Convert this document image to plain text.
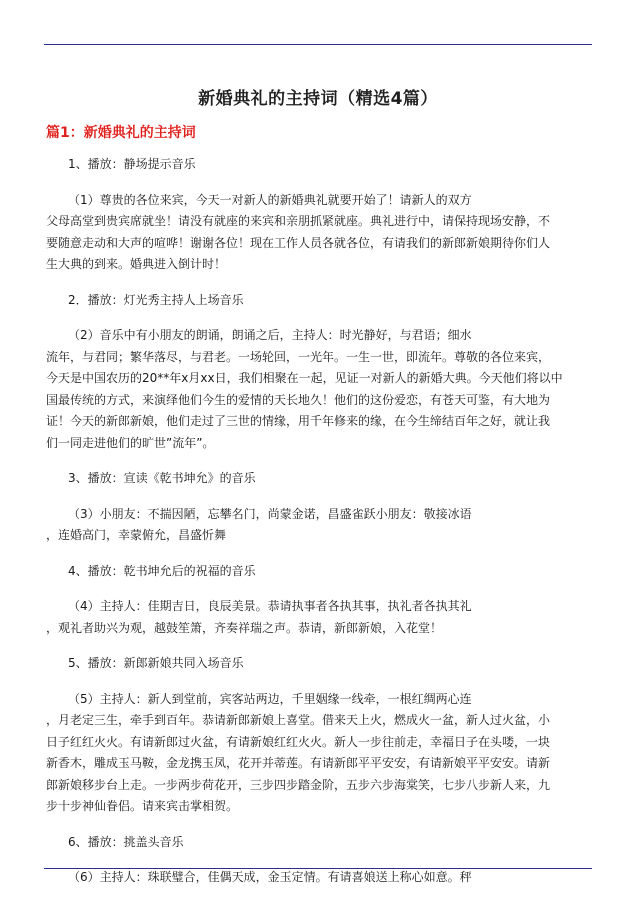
新婚典礼的主持词（精选4篇）
篇1：新婚典礼的主持词
1、播放：静场提示音乐
（1）尊贵的各位来宾，今天一对新人的新婚典礼就要开始了！请新人的双方
父母高堂到贵宾席就坐！请没有就座的来宾和亲朋抓紧就座。典礼进行中，请保持现场安静，不
要随意走动和大声的喧哗！谢谢各位！现在工作人员各就各位，有请我们的新郎新娘期待你们人
生大典的到来。婚典进入倒计时！
2．播放：灯光秀主持人上场音乐
（2）音乐中有小朋友的朗诵，朗诵之后，主持人：时光静好，与君语；细水
流年，与君同；繁华落尽，与君老。一场轮回，一光年。一生一世，即流年。尊敬的各位来宾，
今天是中国农历的20**年x月xx日，我们相聚在一起，见证一对新人的新婚大典。今天他们将以中
国最传统的方式，来演绎他们今生的爱情的天长地久！他们的这份爱恋，有苍天可鉴，有大地为
证！今天的新郎新娘，他们走过了三世的情缘，用千年修来的缘，在今生缔结百年之好，就让我
们一同走进他们的旷世”流年”。
3、播放：宣读《乾书坤允》的音乐
（3）小朋友：不揣因陋，忘攀名门，尚蒙金诺，昌盛雀跃小朋友：敬接冰语
，连婚高门，幸蒙俯允，昌盛忻舞
4、播放：乾书坤允后的祝福的音乐
（4）主持人：佳期吉日，良辰美景。恭请执事者各执其事，执礼者各执其礼
，观礼者助兴为观，越鼓笙箫，齐奏祥瑞之声。恭请，新郎新娘，入花堂！
5、播放：新郎新娘共同入场音乐
（5）主持人：新人到堂前，宾客站两边，千里姻缘一线牵，一根红绸两心连
，月老定三生，牵手到百年。恭请新郎新娘上喜堂。借来天上火，燃成火一盆，新人过火盆，小
日子红红火火。有请新郎过火盆，有请新娘红红火火。新人一步往前走，幸福日子在头喽，一块
新香木，雕成玉马鞍，金龙携玉凤，花开并蒂莲。有请新郎平平安安，有请新娘平平安安。请新
郎新娘移步台上走。一步两步荷花开，三步四步踏金阶，五步六步海棠笑，七步八步新人来，九
步十步神仙眷侣。请来宾击掌相贺。
6、播放：挑盖头音乐
（6）主持人：珠联璧合，佳偶天成，金玉定情。有请喜娘送上称心如意。秤
